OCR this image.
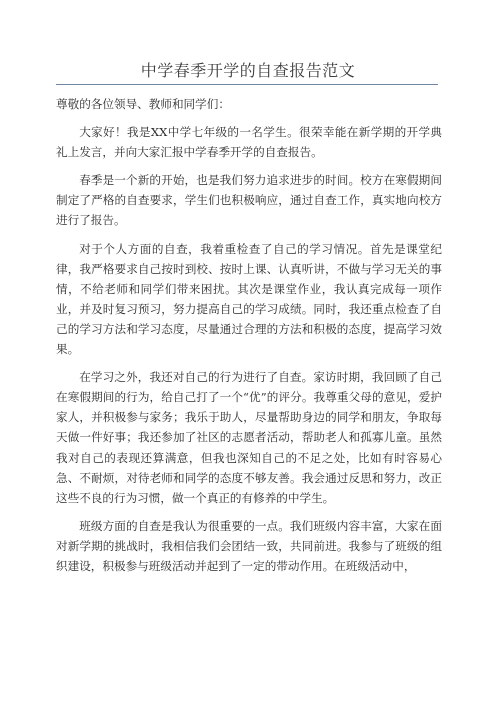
中学春季开学的自查报告范文

尊敬的各位领导、教师和同学们：

大家好！我是XX中学七年级的一名学生。很荣幸能在新学期的开学典礼上发言，并向大家汇报中学春季开学的自查报告。

春季是一个新的开始，也是我们努力追求进步的时间。校方在寒假期间制定了严格的自查要求，学生们也积极响应，通过自查工作，真实地向校方进行了报告。

对于个人方面的自查，我着重检查了自己的学习情况。首先是课堂纪律，我严格要求自己按时到校、按时上课、认真听讲，不做与学习无关的事情，不给老师和同学们带来困扰。其次是课堂作业，我认真完成每一项作业，并及时复习预习，努力提高自己的学习成绩。同时，我还重点检查了自己的学习方法和学习态度，尽量通过合理的方法和积极的态度，提高学习效果。

在学习之外，我还对自己的行为进行了自查。家访时期，我回顾了自己在寒假期间的行为，给自己打了一个“优”的评分。我尊重父母的意见，爱护家人，并积极参与家务；我乐于助人，尽量帮助身边的同学和朋友，争取每天做一件好事；我还参加了社区的志愿者活动，帮助老人和孤寡儿童。虽然我对自己的表现还算满意，但我也深知自己的不足之处，比如有时容易心急、不耐烦，对待老师和同学的态度不够友善。我会通过反思和努力，改正这些不良的行为习惯，做一个真正的有修养的中学生。

班级方面的自查是我认为很重要的一点。我们班级内容丰富，大家在面对新学期的挑战时，我相信我们会团结一致，共同前进。我参与了班级的组织建设，积极参与班级活动并起到了一定的带动作用。在班级活动中，
